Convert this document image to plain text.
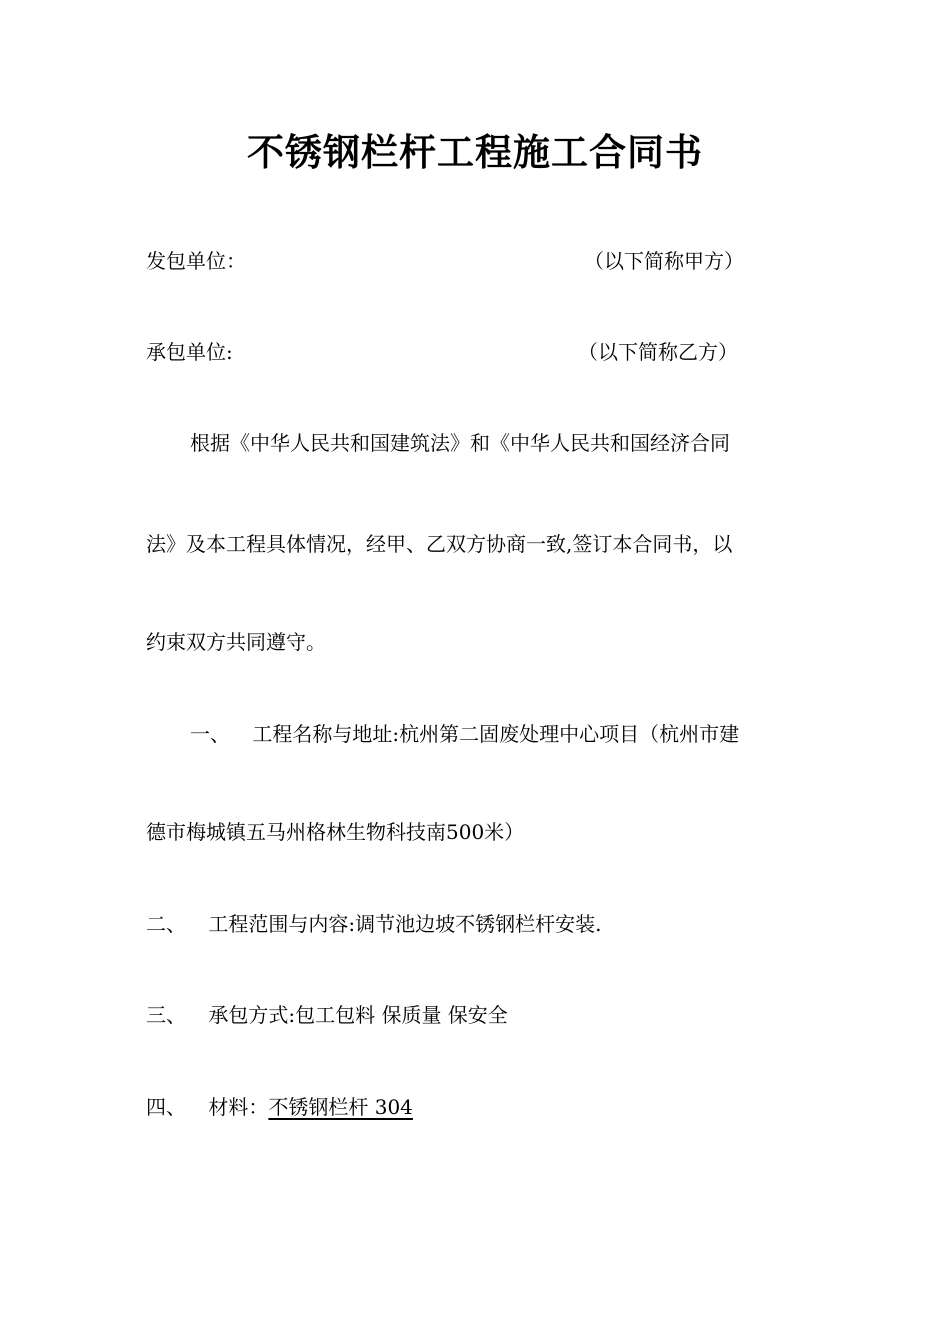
不锈钢栏杆工程施工合同书
发包单位：	（以下简称甲方）
承包单位:	（以下简称乙方）
根据《中华人民共和国建筑法》和《中华人民共和国经济合同
法》及本工程具体情况，经甲、乙双方协商一致,签订本合同书，以
约束双方共同遵守。
一、 工程名称与地址:杭州第二固废处理中心项目（杭州市建
德市梅城镇五马州格林生物科技南500米）
二、 工程范围与内容:调节池边坡不锈钢栏杆安装.
三、 承包方式:包工包料 保质量 保安全
四、 材料：不锈钢栏杆 304
